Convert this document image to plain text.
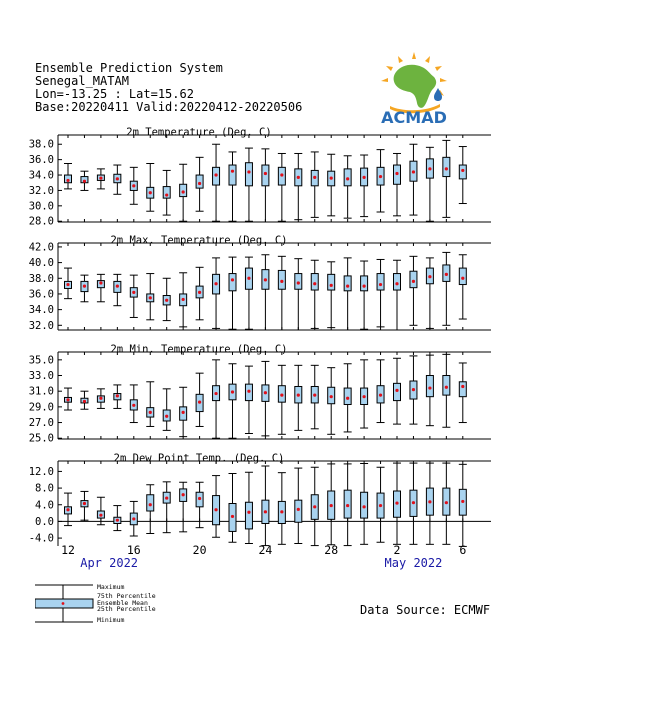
38.0
36.0
34.0
32.0
30.0
28.0
2m Temperature (Deg. C)
42.0
40.0
38.0
36.0
34.0
32.0
2m Max. Temperature (Deg. C)
35.0
33.0
31.0
29.0
27.0
25.0
2m Min. Temperature (Deg. C)
12.0
8.0
4.0
0.0
-4.0
2m Dew Point Temp. (Deg. C)
12	16	20	24	28	2	6
Apr 2022	May 2022
Ensemble Prediction System
Senegal_MATAM
Lon=-13.25 : Lat=15.62
Base:20220411 Valid:20220412-20220506
ACMAD
Maximum
75th Percentile
Ensemble Mean
25th Percentile
Minimum
Data Source: ECMWF
